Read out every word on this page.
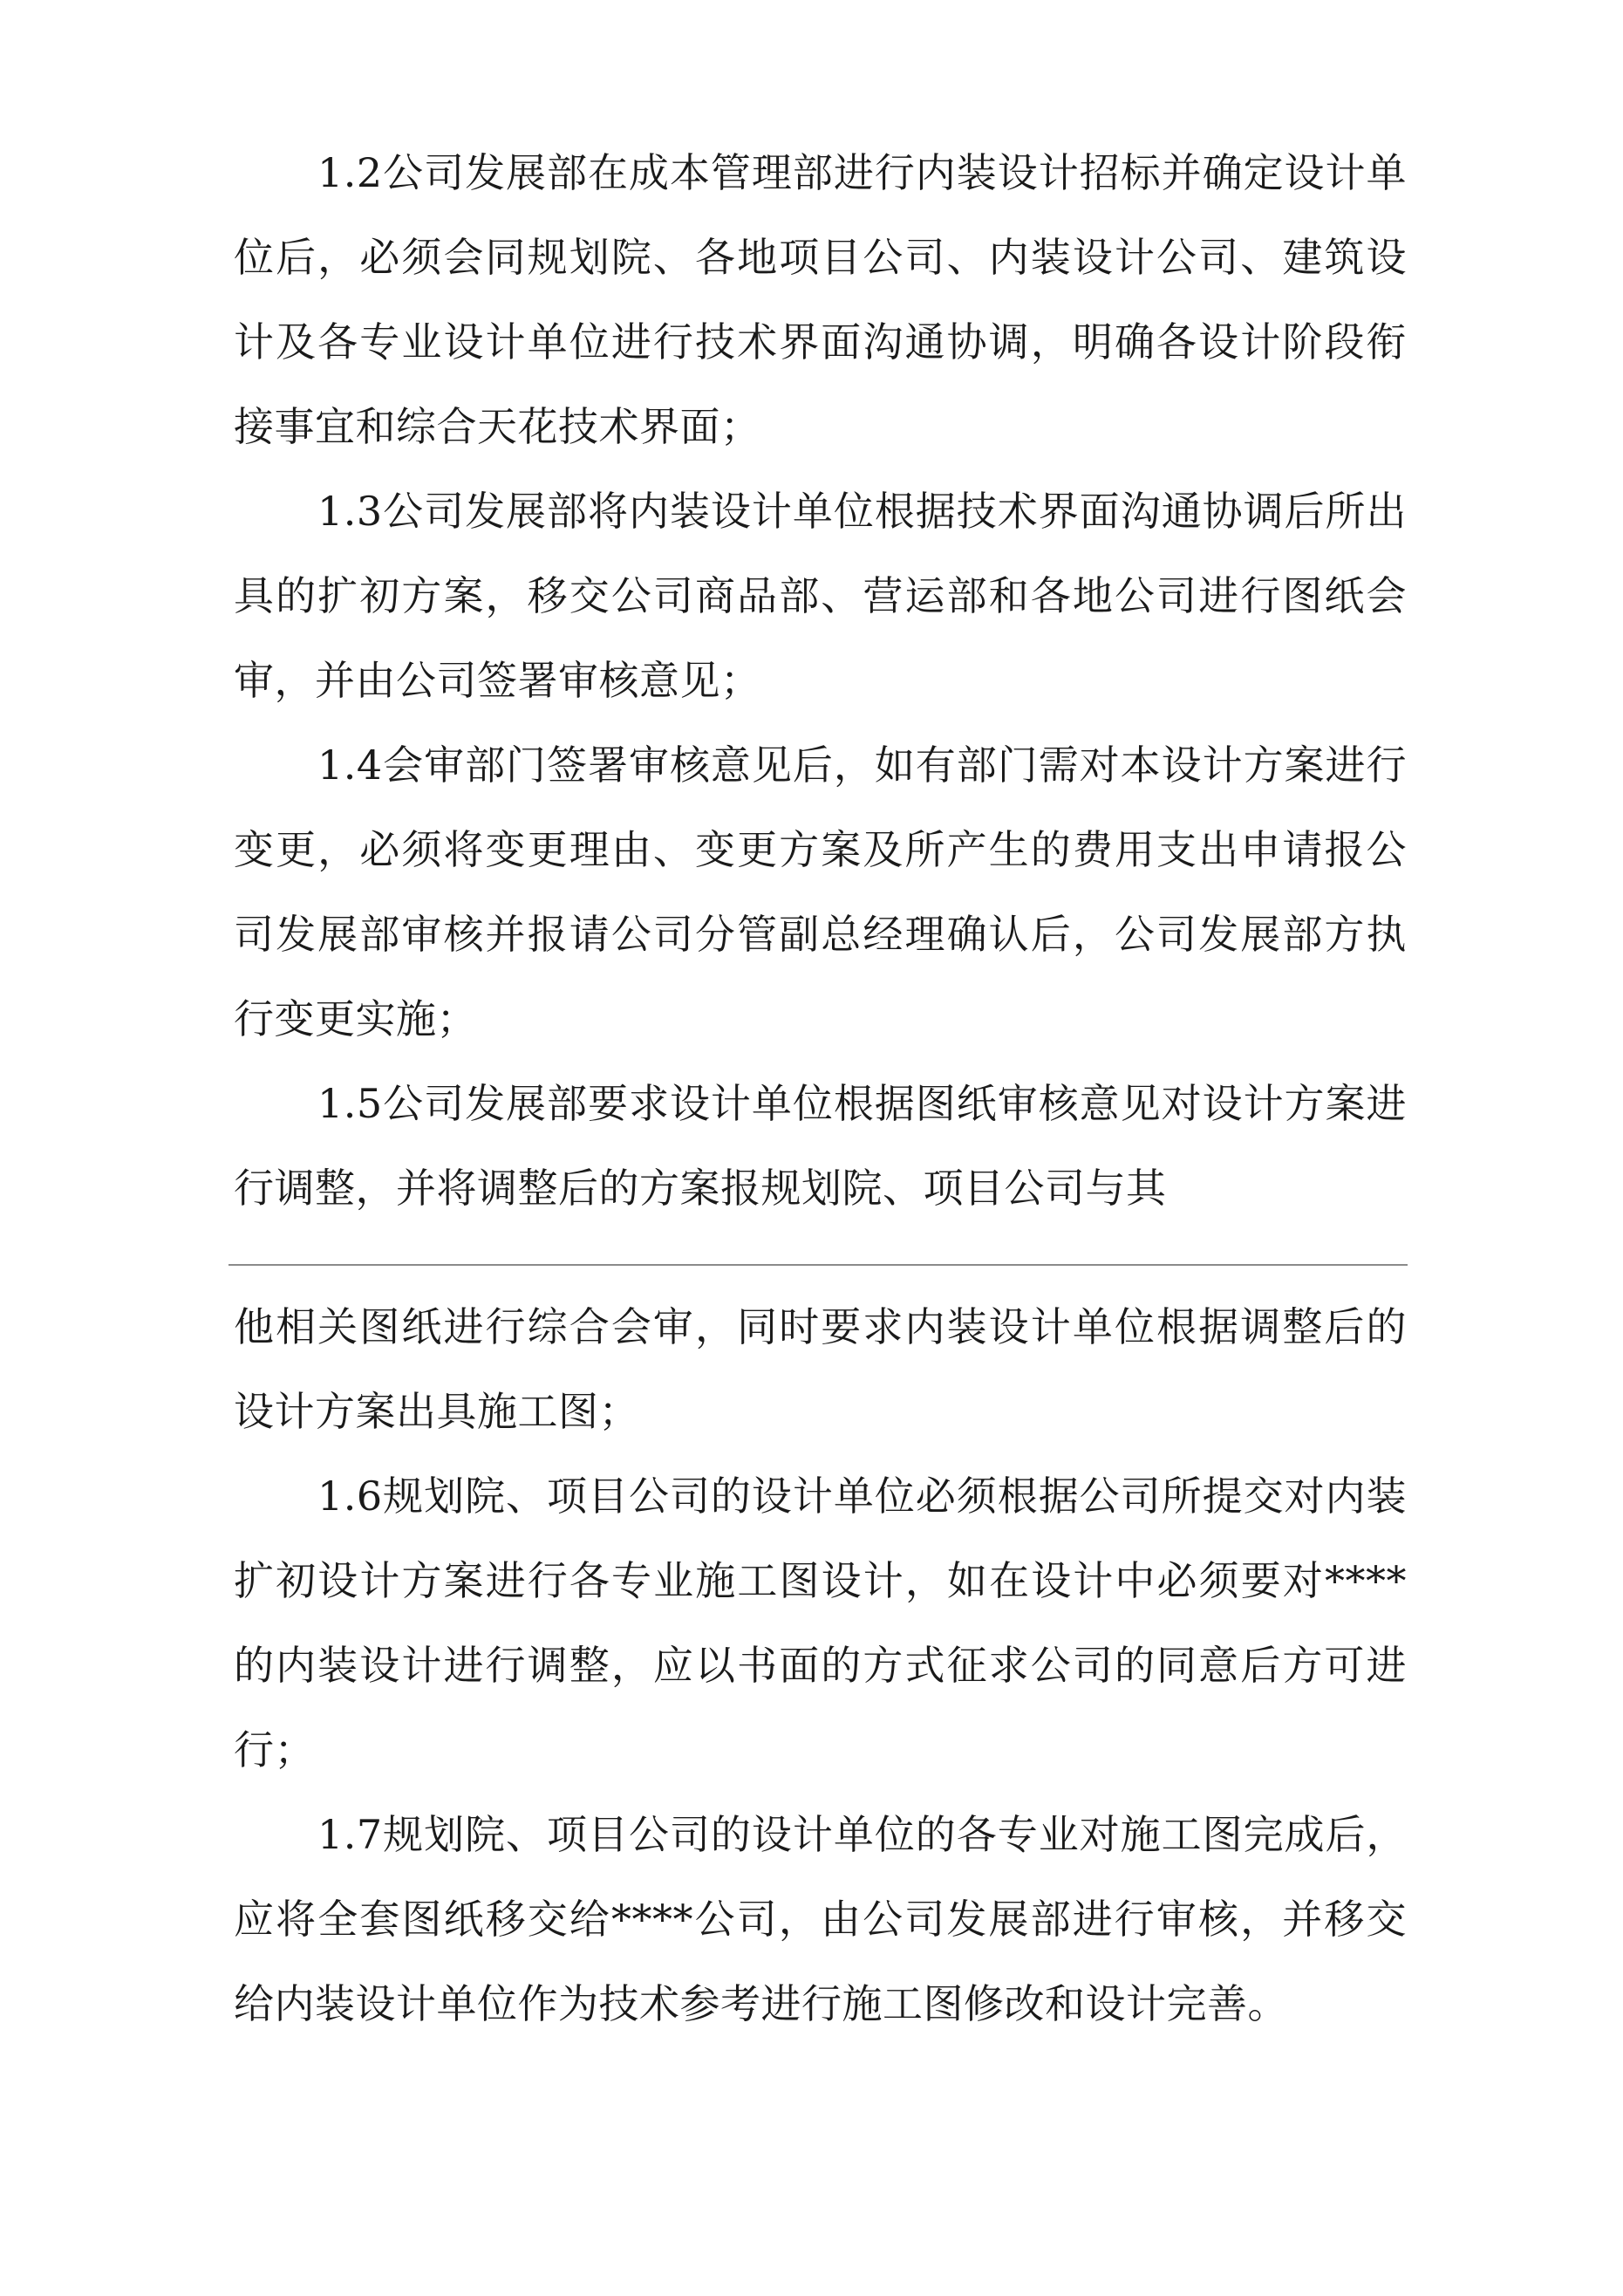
1.2公司发展部在成本管理部进行内装设计招标并确定设计单位后，必须会同规划院、各地项目公司、内装设计公司、建筑设计及各专业设计单位进行技术界面沟通协调，明确各设计阶段衔接事宜和综合天花技术界面；

1.3公司发展部将内装设计单位根据技术界面沟通协调后所出具的扩初方案，移交公司商品部、营运部和各地公司进行图纸会审，并由公司签署审核意见；

1.4会审部门签署审核意见后，如有部门需对本设计方案进行变更，必须将变更理由、变更方案及所产生的费用支出申请报公司发展部审核并报请公司分管副总经理确认后，公司发展部方执行变更实施；

1.5公司发展部要求设计单位根据图纸审核意见对设计方案进行调整，并将调整后的方案报规划院、项目公司与其

他相关图纸进行综合会审，同时要求内装设计单位根据调整后的设计方案出具施工图；

1.6规划院、项目公司的设计单位必须根据公司所提交对内装扩初设计方案进行各专业施工图设计，如在设计中必须要对****的内装设计进行调整，应以书面的方式征求公司的同意后方可进行；

1.7规划院、项目公司的设计单位的各专业对施工图完成后，应将全套图纸移交给****公司，由公司发展部进行审核，并移交给内装设计单位作为技术参考进行施工图修改和设计完善。
